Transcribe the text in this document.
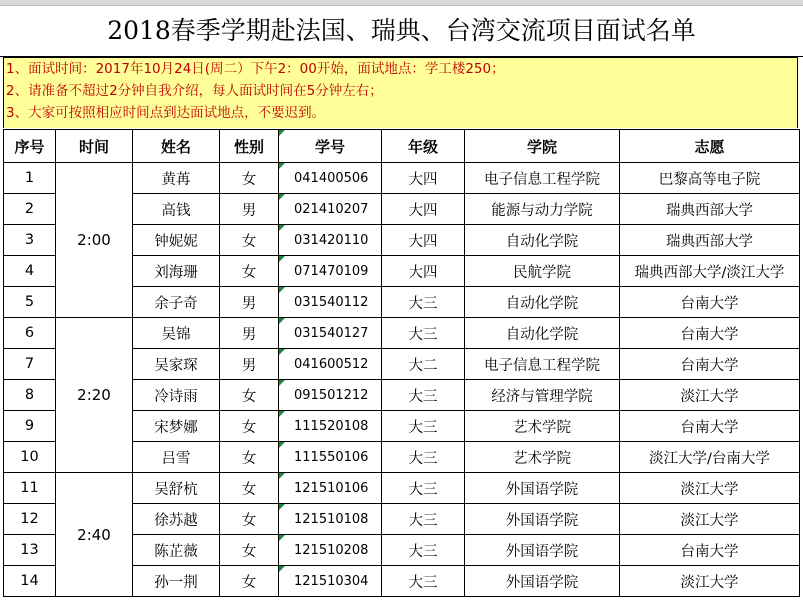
2018春季学期赴法国、瑞典、台湾交流项目面试名单
1、面试时间：2017年10月24日(周二）下午2：00开始，面试地点：学工楼250；
2、请准备不超过2分钟自我介绍，每人面试时间在5分钟左右；
3、大家可按照相应时间点到达面试地点，不要迟到。
序号	时间	姓名	性别	学号	年级	学院	志愿
1	2:00	黄苒	女	041400506	大四	电子信息工程学院	巴黎高等电子院
2		高钱	男	021410207	大四	能源与动力学院	瑞典西部大学
3		钟妮妮	女	031420110	大四	自动化学院	瑞典西部大学
4		刘海珊	女	071470109	大四	民航学院	瑞典西部大学/淡江大学
5		余子奇	男	031540112	大三	自动化学院	台南大学
6	2:20	吴锦	男	031540127	大三	自动化学院	台南大学
7		吴家琛	男	041600512	大二	电子信息工程学院	台南大学
8		冷诗雨	女	091501212	大三	经济与管理学院	淡江大学
9		宋梦娜	女	111520108	大三	艺术学院	台南大学
10		吕雪	女	111550106	大三	艺术学院	淡江大学/台南大学
11	2:40	吴舒杭	女	121510106	大三	外国语学院	淡江大学
12		徐苏越	女	121510108	大三	外国语学院	淡江大学
13		陈芷薇	女	121510208	大三	外国语学院	台南大学
14		孙一荆	女	121510304	大三	外国语学院	淡江大学
